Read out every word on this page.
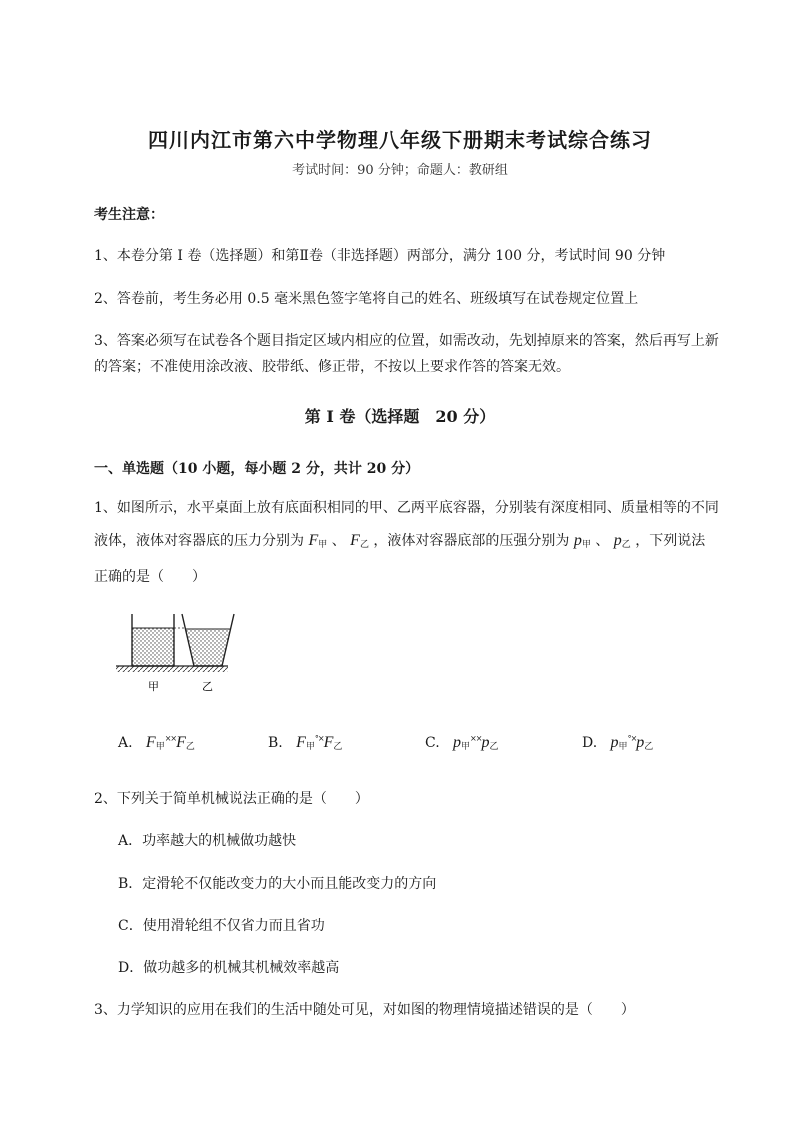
四川内江市第六中学物理八年级下册期末考试综合练习
考试时间：90 分钟；命题人：教研组
考生注意：
1、本卷分第 I 卷（选择题）和第Ⅱ卷（非选择题）两部分，满分 100 分，考试时间 90 分钟
2、答卷前，考生务必用 0.5 毫米黑色签字笔将自己的姓名、班级填写在试卷规定位置上
3、答案必须写在试卷各个题目指定区域内相应的位置，如需改动，先划掉原来的答案，然后再写上新
的答案；不准使用涂改液、胶带纸、修正带，不按以上要求作答的答案无效。
第 I 卷（选择题　20 分）
一、单选题（10 小题，每小题 2 分，共计 20 分）
1、如图所示，水平桌面上放有底面积相同的甲、乙两平底容器，分别装有深度相同、质量相等的不同
液体，液体对容器底的压力分别为 $F_甲$ 、 $F_乙$ ，液体对容器底部的压强分别为 $p_甲$ 、 $p_乙$ ，下列说法
正确的是（　　）
甲	乙
A. $F_甲^{\times\times}F_乙$	B. $F_甲^{^\circ\times}F_乙$	C. $p_甲^{\times\times}p_乙$	D. $p_甲^{^\circ\times}p_乙$
2、下列关于简单机械说法正确的是（　　）
A．功率越大的机械做功越快
B．定滑轮不仅能改变力的大小而且能改变力的方向
C．使用滑轮组不仅省力而且省功
D．做功越多的机械其机械效率越高
3、力学知识的应用在我们的生活中随处可见，对如图的物理情境描述错误的是（　　）
